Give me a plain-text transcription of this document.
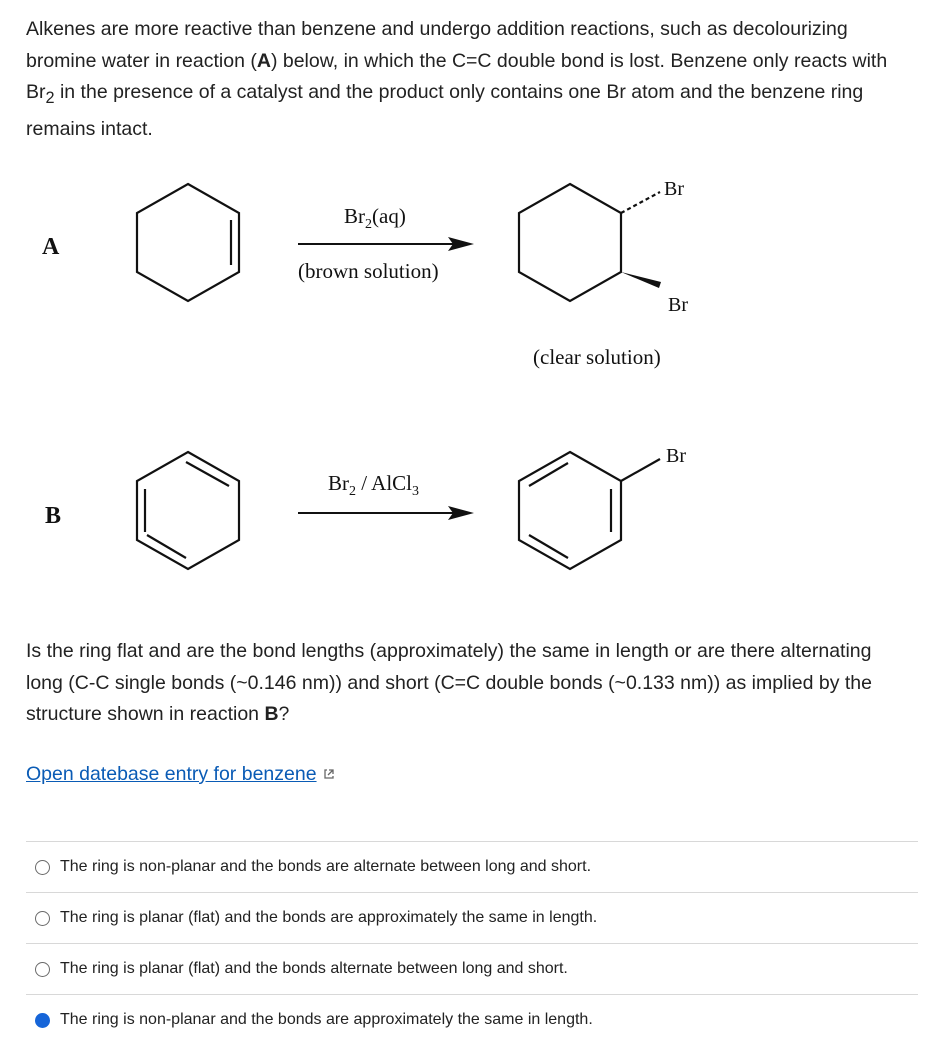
Alkenes are more reactive than benzene and undergo addition reactions, such as decolourizing bromine water in reaction (A) below, in which the C=C double bond is lost. Benzene only reacts with $Br_2$ in the presence of a catalyst and the product only contains one Br atom and the benzene ring remains intact.

A
$Br_2(aq)$
(brown solution)
Br
Br
(clear solution)
B
$Br_2$ / AlCl$_3$
Br

Is the ring flat and are the bond lengths (approximately) the same in length or are there alternating long (C-C single bonds (~0.146 nm)) and short (C=C double bonds (~0.133 nm)) as implied by the structure shown in reaction B?

Open datebase entry for benzene
The ring is non-planar and the bonds are alternate between long and short.
The ring is planar (flat) and the bonds are approximately the same in length.
The ring is planar (flat) and the bonds alternate between long and short.
The ring is non-planar and the bonds are approximately the same in length.
